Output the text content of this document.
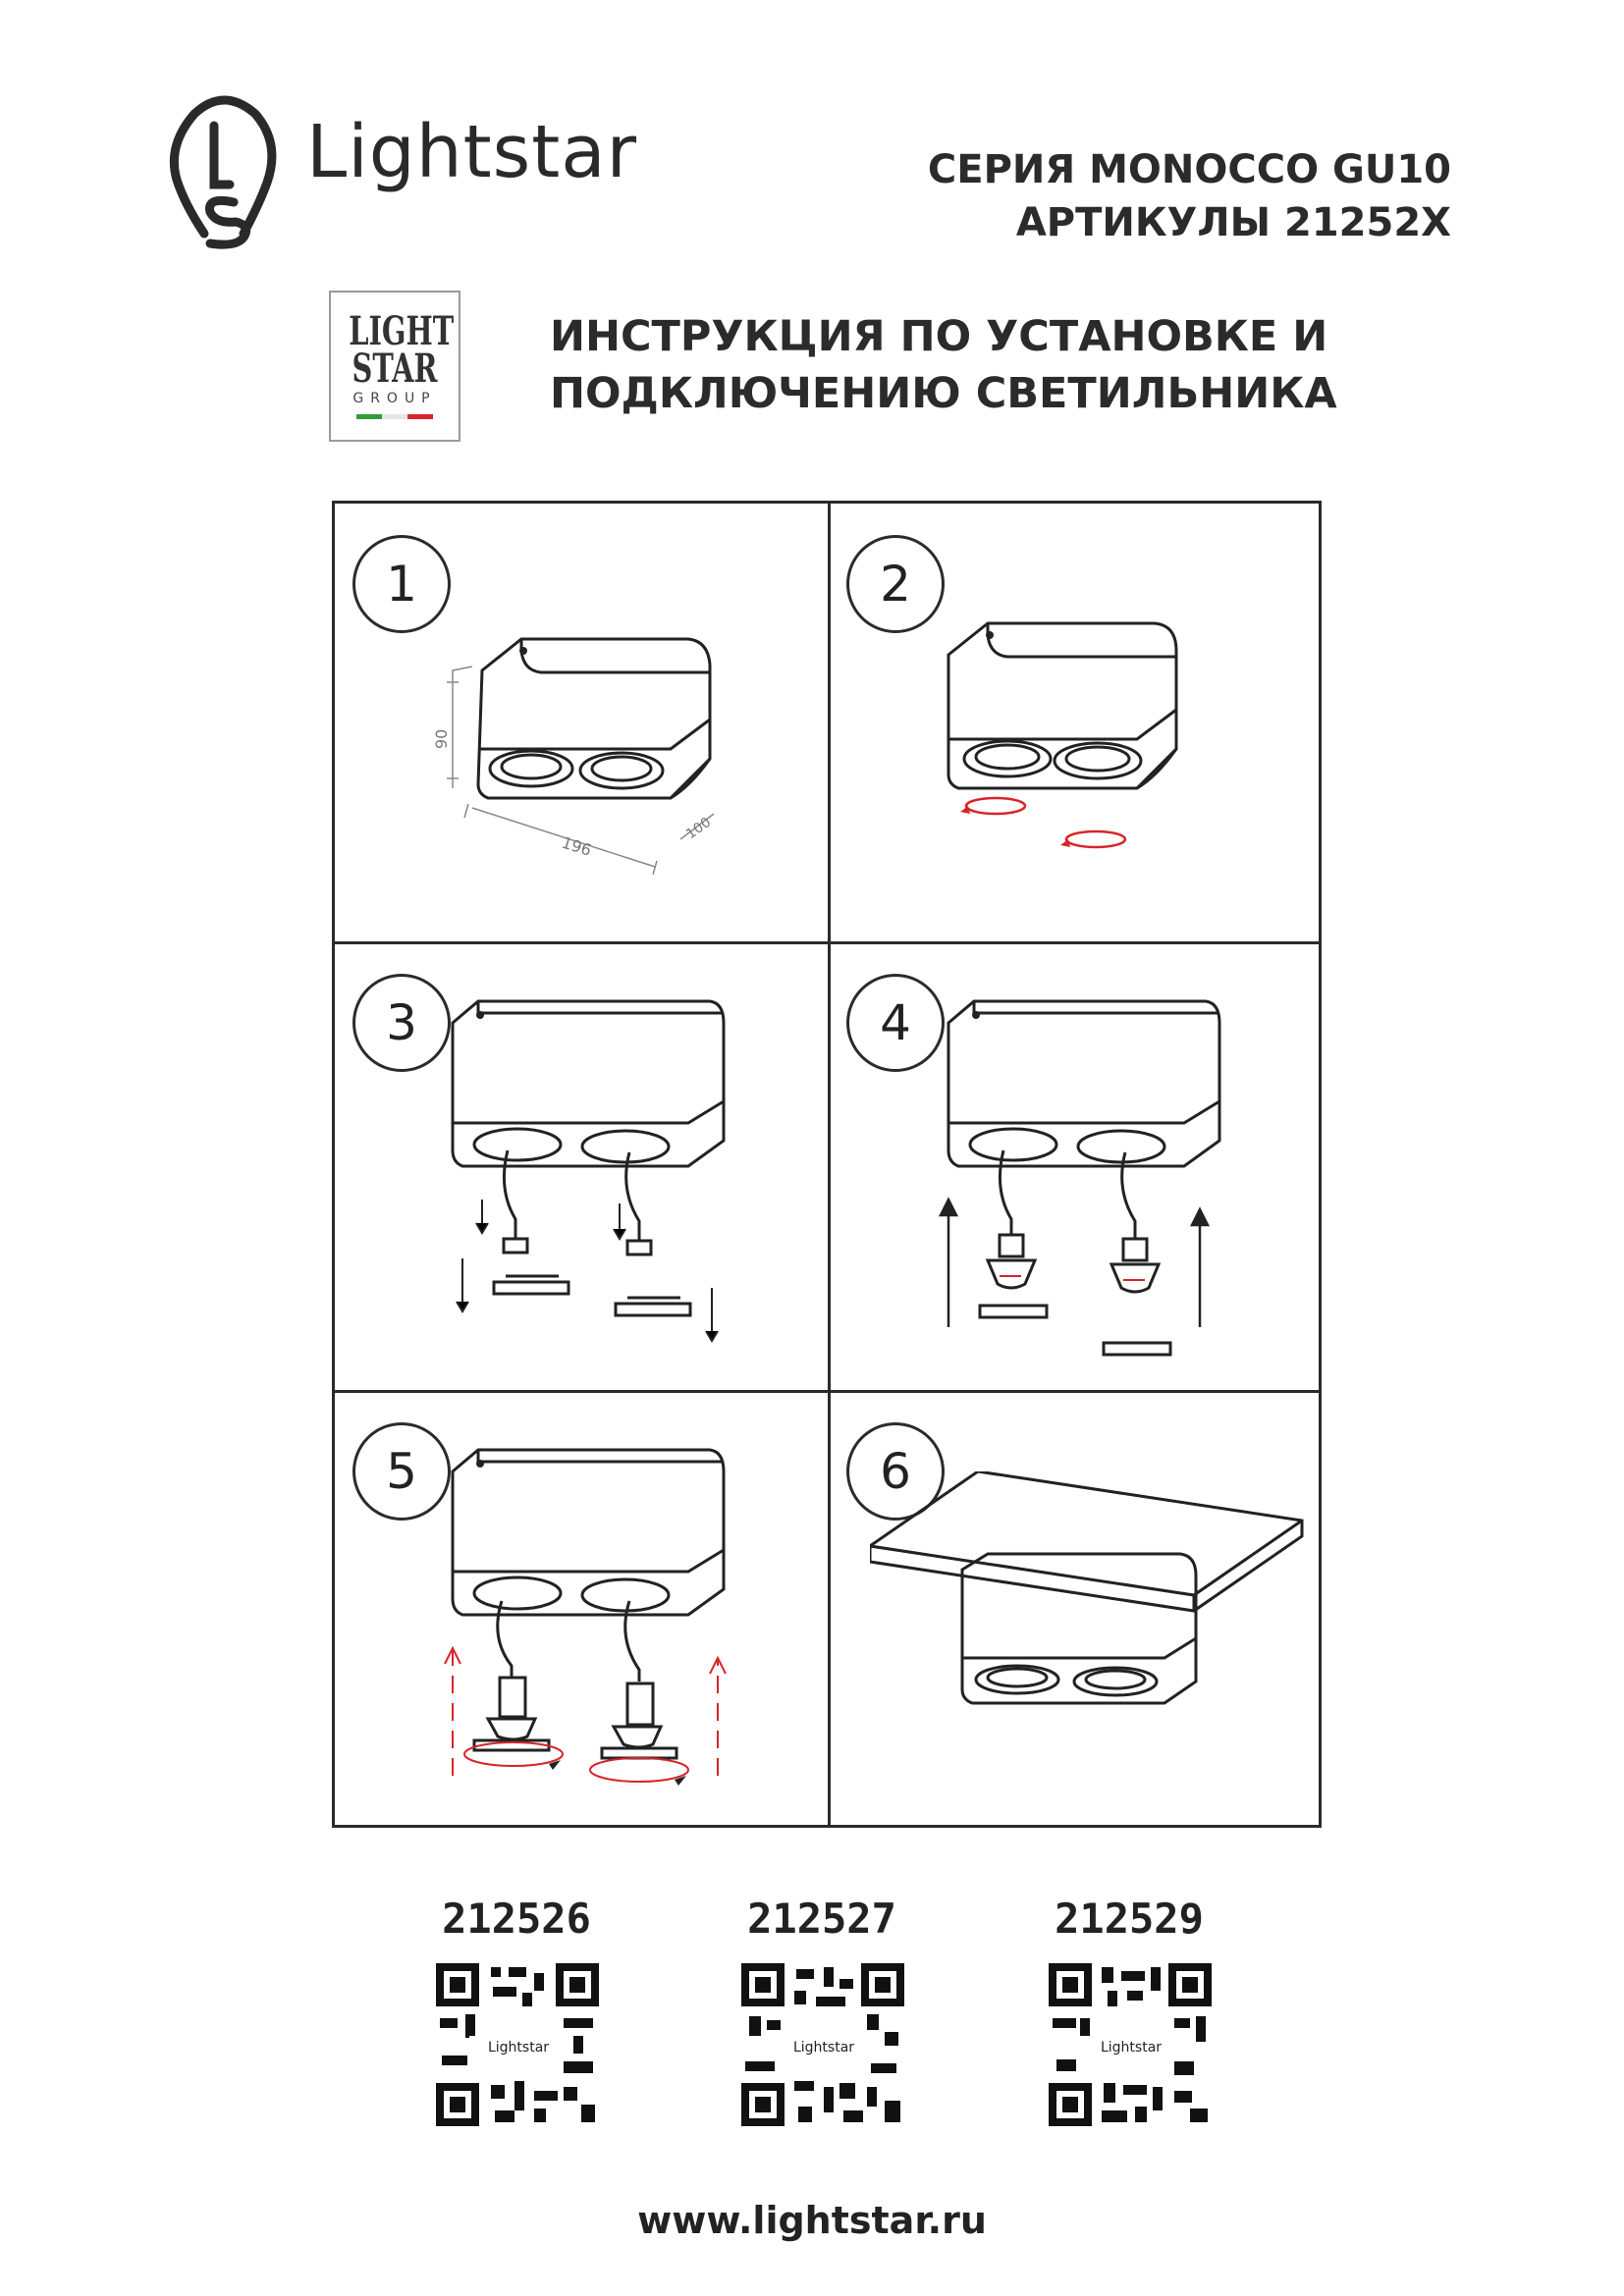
Lightstar	СЕРИЯ MONOCCO GU10
АРТИКУЛЫ 21252X
LIGHT
STAR
GROUP
ИНСТРУКЦИЯ ПО УСТАНОВКЕ И
ПОДКЛЮЧЕНИЮ СВЕТИЛЬНИКА
1
90
196
100
2
3	4
5	6
212526	212527	212529
Lightstar	Lightstar	Lightstar
www.lightstar.ru
